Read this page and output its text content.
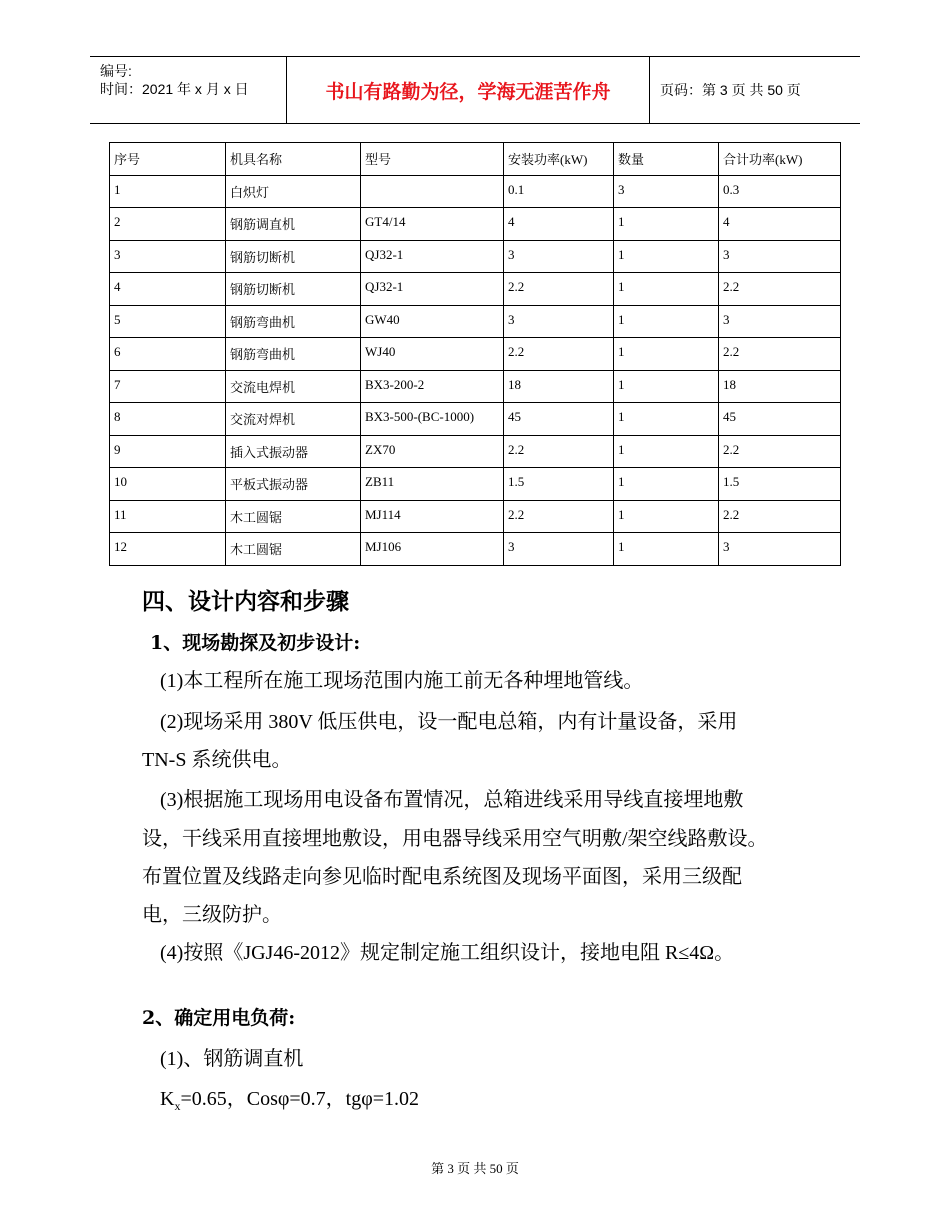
编号:
时间：2021 年 x 月 x 日	书山有路勤为径，学海无涯苦作舟	页码：第 3 页 共 50 页
序号	机具名称	型号	安装功率(kW)	数量	合计功率(kW)
1	白炽灯		0.1	3	0.3
2	钢筋调直机	GT4/14	4	1	4
3	钢筋切断机	QJ32-1	3	1	3
4	钢筋切断机	QJ32-1	2.2	1	2.2
5	钢筋弯曲机	GW40	3	1	3
6	钢筋弯曲机	WJ40	2.2	1	2.2
7	交流电焊机	BX3-200-2	18	1	18
8	交流对焊机	BX3-500-(BC-1000)	45	1	45
9	插入式振动器	ZX70	2.2	1	2.2
10	平板式振动器	ZB11	1.5	1	1.5
11	木工圆锯	MJ114	2.2	1	2.2
12	木工圆锯	MJ106	3	1	3
四、设计内容和步骤
1、现场勘探及初步设计:
(1)本工程所在施工现场范围内施工前无各种埋地管线。
(2)现场采用 380V 低压供电，设一配电总箱，内有计量设备，采用
TN-S 系统供电。
(3)根据施工现场用电设备布置情况，总箱进线采用导线直接埋地敷
设，干线采用直接埋地敷设，用电器导线采用空气明敷/架空线路敷设。
布置位置及线路走向参见临时配电系统图及现场平面图，采用三级配
电，三级防护。
(4)按照《JGJ46-2012》规定制定施工组织设计，接地电阻 R≤4Ω。
2、确定用电负荷:
(1)、钢筋调直机
$K_x=0.65$，Cosφ=0.7，tgφ=1.02
第 3 页 共 50 页
